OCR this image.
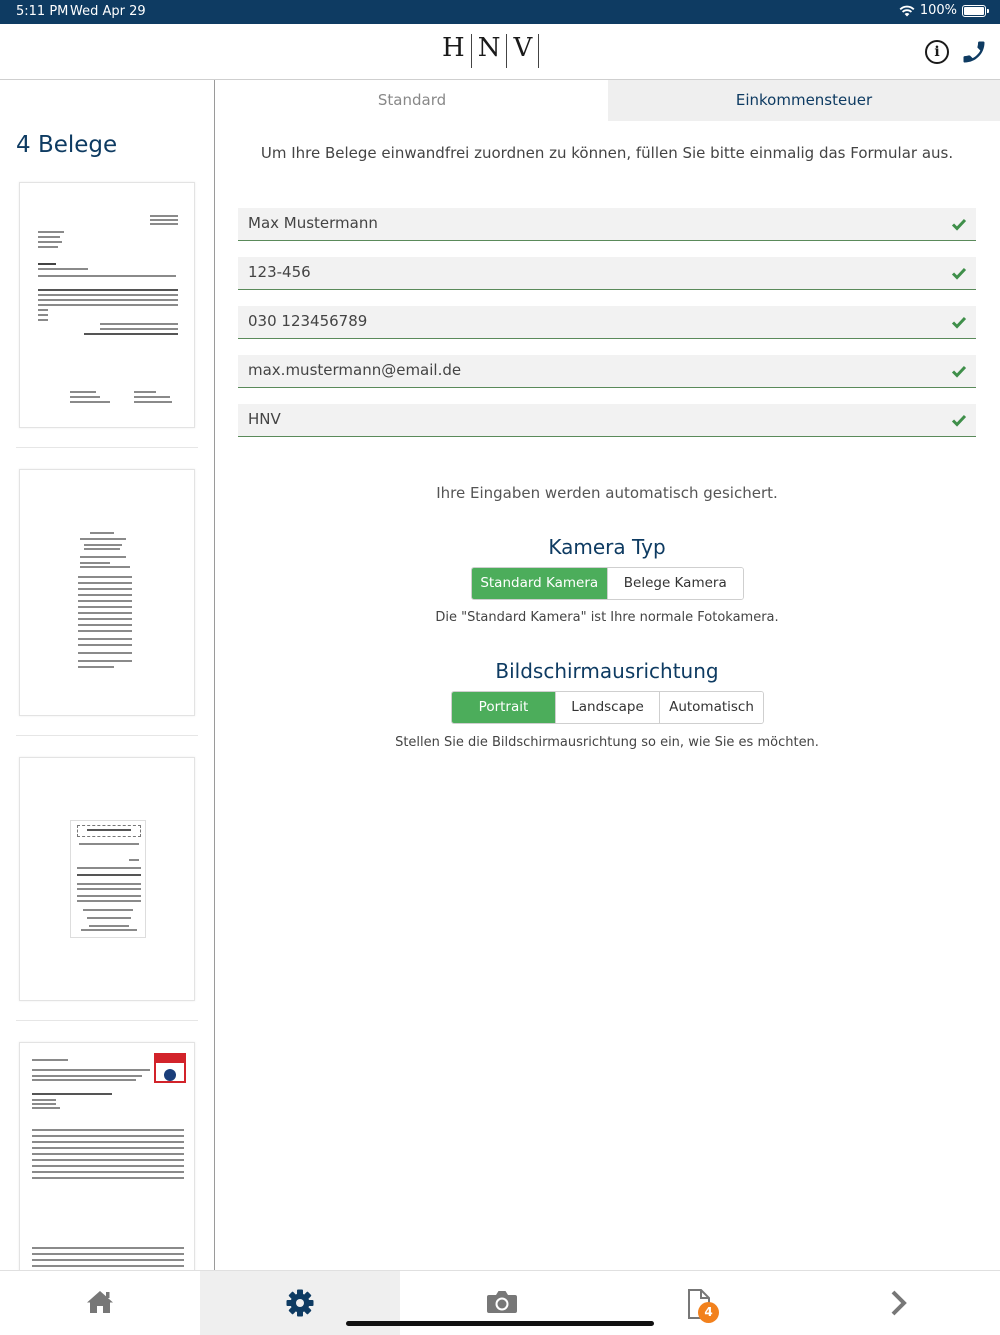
5:11 PM Wed Apr 29	100%
H N V	i
4 Belege
Standard	Einkommensteuer
Um Ihre Belege einwandfrei zuordnen zu können, füllen Sie bitte einmalig das Formular aus.
Max Mustermann
123-456
030 123456789
max.mustermann@email.de
HNV
Ihre Eingaben werden automatisch gesichert.
Kamera Typ
Standard Kamera	Belege Kamera
Die "Standard Kamera" ist Ihre normale Fotokamera.
Bildschirmausrichtung
Portrait	Landscape	Automatisch
Stellen Sie die Bildschirmausrichtung so ein, wie Sie es möchten.
4
